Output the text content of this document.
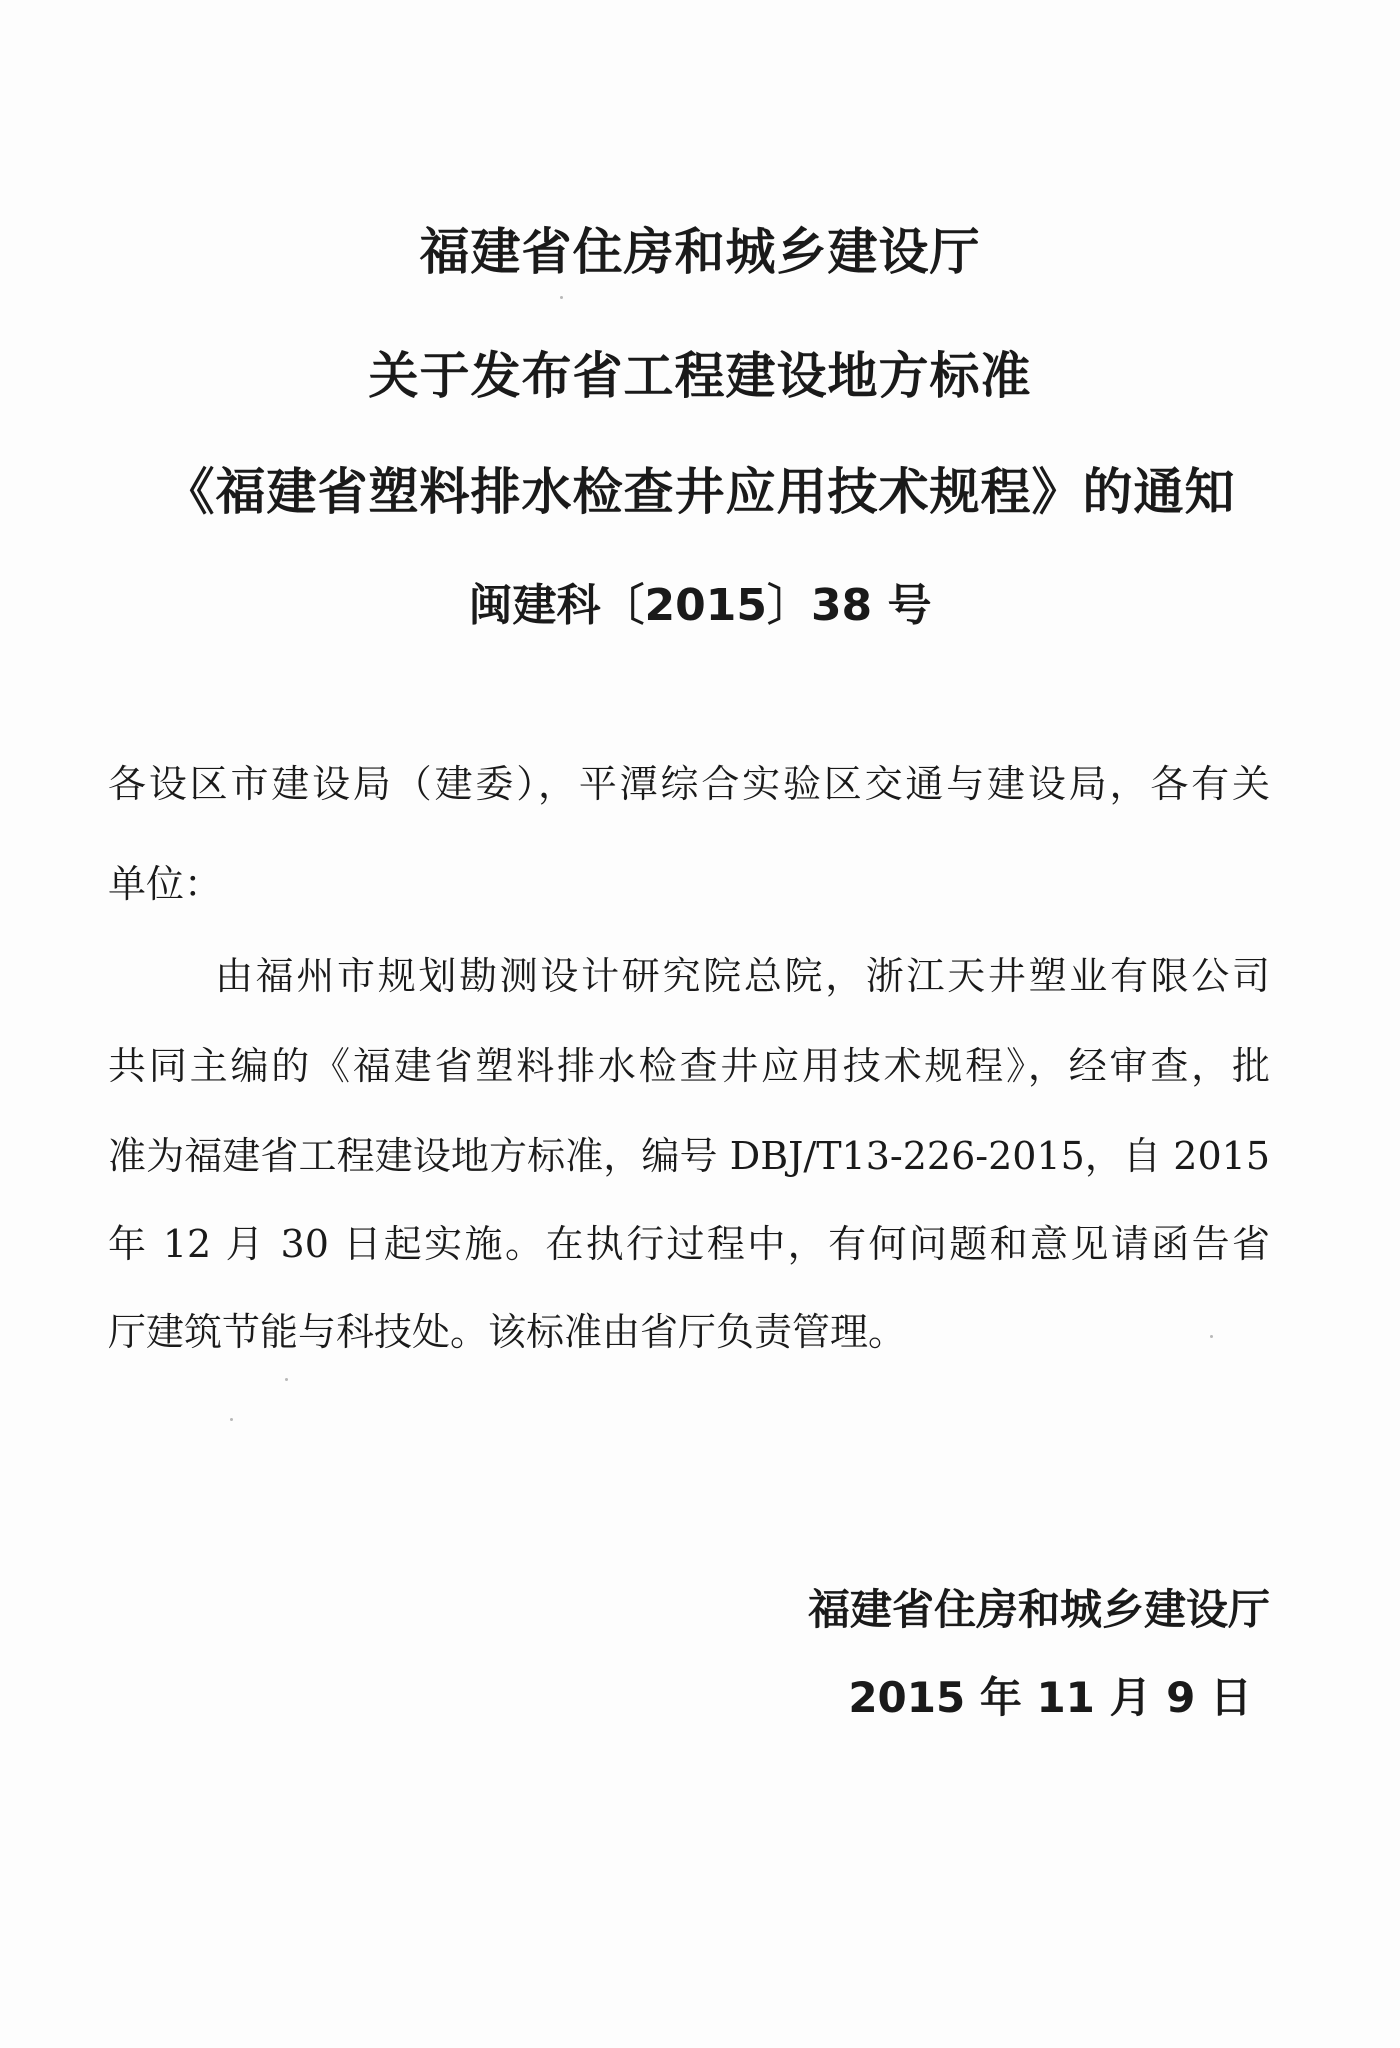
福建省住房和城乡建设厅
关于发布省工程建设地方标准
《福建省塑料排水检查井应用技术规程》的通知
闽建科〔2015〕38 号
各设区市建设局（建委），平潭综合实验区交通与建设局，各有关
单位：
由福州市规划勘测设计研究院总院，浙江天井塑业有限公司
共同主编的《福建省塑料排水检查井应用技术规程》，经审查，批
准为福建省工程建设地方标准，编号 DBJ/T13-226-2015，自 2015
年 12 月 30 日起实施。在执行过程中，有何问题和意见请函告省
厅建筑节能与科技处。该标准由省厅负责管理。
福建省住房和城乡建设厅
2015 年 11 月 9 日
